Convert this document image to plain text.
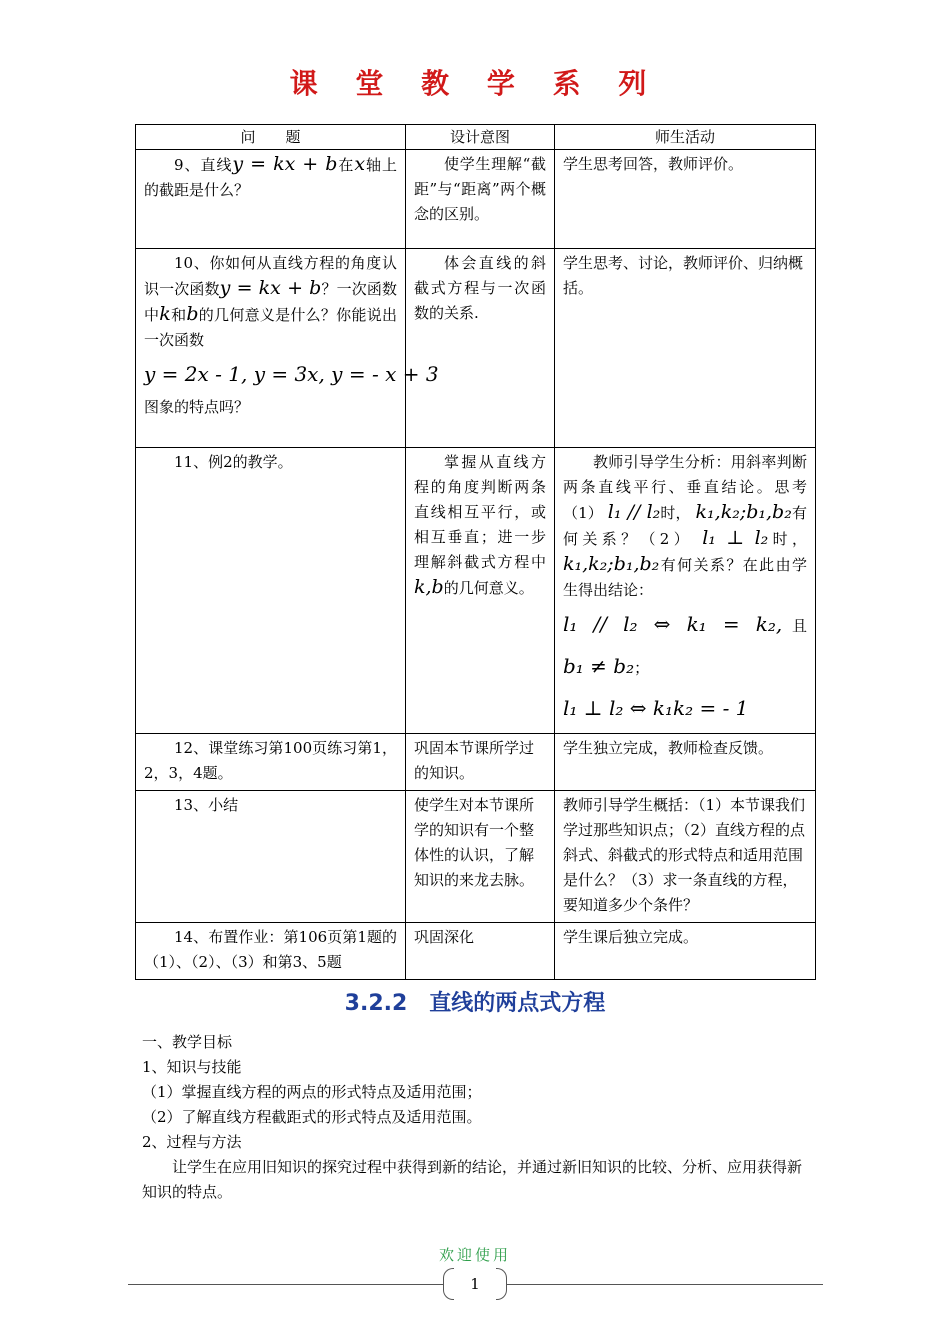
课 堂 教 学 系 列
问　　题	设计意图	师生活动
9、直线y = kx + b在x轴上的截距是什么？	使学生理解“截距”与“距离”两个概念的区别。	学生思考回答，教师评价。
10、你如何从直线方程的角度认识一次函数y = kx + b？一次函数中k和b的几何意义是什么？你能说出一次函数
y = 2x - 1, y = 3x, y = - x + 3
图象的特点吗？	体会直线的斜截式方程与一次函数的关系.	学生思考、讨论，教师评价、归纳概括。
11、例2的教学。	掌握从直线方程的角度判断两条直线相互平行，或相互垂直；进一步理解斜截式方程中k,b的几何意义。	教师引导学生分析：用斜率判断两条直线平行、垂直结论。思考（1） l₁ // l₂时， k₁,k₂;b₁,b₂有何关系？（2） l₁ ⊥ l₂时， k₁,k₂;b₁,b₂有何关系？在此由学生得出结论：
l₁ // l₂ ⇔ k₁ = k₂,且b₁ ≠ b₂；
l₁ ⊥ l₂ ⇔ k₁k₂ = - 1
12、课堂练习第100页练习第1，2，3，4题。	巩固本节课所学过的知识。	学生独立完成，教师检查反馈。
13、小结	使学生对本节课所学的知识有一个整体性的认识，了解知识的来龙去脉。	教师引导学生概括：（1）本节课我们学过那些知识点；（2）直线方程的点斜式、斜截式的形式特点和适用范围是什么？（3）求一条直线的方程，要知道多少个条件？
14、布置作业：第106页第1题的（1）、（2）、（3）和第3、5题	巩固深化	学生课后独立完成。
3.2.2　直线的两点式方程

一、教学目标

1、知识与技能

（1）掌握直线方程的两点的形式特点及适用范围；

（2）了解直线方程截距式的形式特点及适用范围。

2、过程与方法

让学生在应用旧知识的探究过程中获得到新的结论，并通过新旧知识的比较、分析、应用获得新知识的特点。

欢迎使用
1
